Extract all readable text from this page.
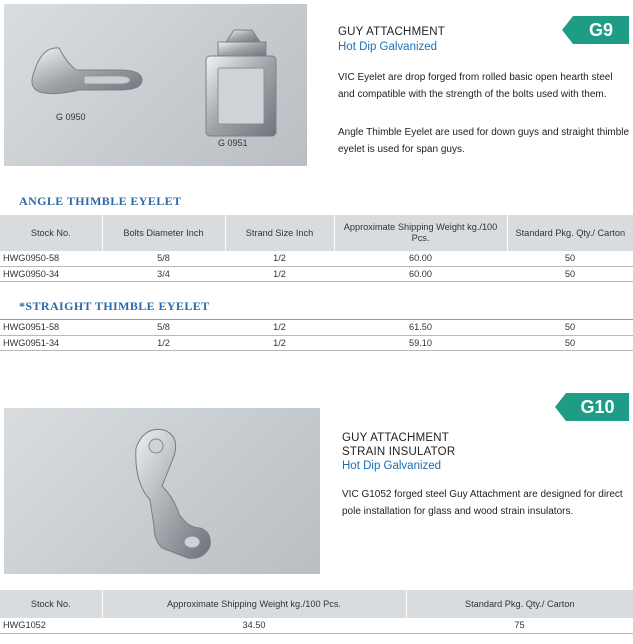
G 0950
G 0951
G9
GUY ATTACHMENT
Hot Dip Galvanized
VIC Eyelet are drop forged from rolled basic open hearth steel and compatible with the strength of the bolts used with them.
Angle Thimble Eyelet are used for down guys and straight thimble eyelet is used for span guys.
ANGLE THIMBLE EYELET
Stock No.	Bolts Diameter Inch	Strand Size Inch	Approximate Shipping Weight kg./100 Pcs.	Standard Pkg. Qty./ Carton
HWG0950-58	5/8	1/2	60.00	50
HWG0950-34	3/4	1/2	60.00	50
*STRAIGHT THIMBLE EYELET
HWG0951-58	5/8	1/2	61.50	50
HWG0951-34	1/2	1/2	59.10	50
G10
GUY ATTACHMENT
STRAIN INSULATOR
Hot Dip Galvanized
VIC G1052 forged steel Guy Attachment are designed for direct pole installation for glass and wood strain insulators.
Stock No.	Approximate Shipping Weight kg./100 Pcs.	Standard Pkg. Qty./ Carton
HWG1052	34.50	75
